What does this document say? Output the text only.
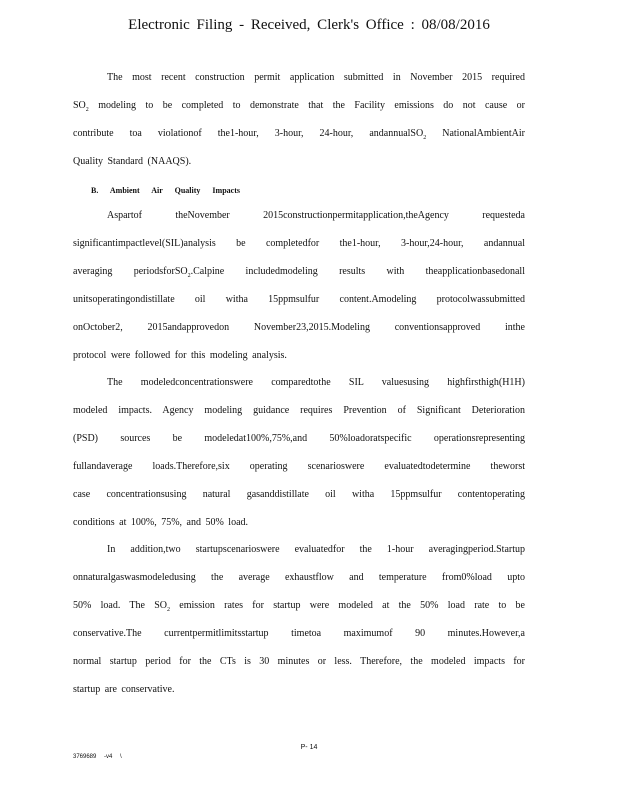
Electronic Filing - Received, Clerk's Office : 08/08/2016
The most recent construction permit application submitted in November 2015 required
$SO_2$ modeling to be completed to demonstrate that the Facility emissions do not cause or
contribute toa violationof the1-hour, 3-hour, 24-hour, andannualSO$_2$ NationalAmbientAir
Quality Standard (NAAQS).
B. Ambient Air Quality Impacts
Aspartof theNovember 2015constructionpermitapplication,theAgency requesteda
significantimpactlevel(SIL)analysis be completedfor the1-hour, 3-hour,24-hour, andannual
averaging periodsforSO$_2$.Calpine includedmodeling results with theapplicationbasedonall
unitsoperatingondistillate oil witha 15ppmsulfur content.Amodeling protocolwassubmitted
onOctober2, 2015andapprovedon November23,2015.Modeling conventionsapproved inthe
protocol were followed for this modeling analysis.
The modeledconcentrationswere comparedtothe SIL valuesusing highfirsthigh(H1H)
modeled impacts. Agency modeling guidance requires Prevention of Significant Deterioration
(PSD) sources be modeledat100%,75%,and 50%loadoratspecific operationsrepresenting
fullandaverage loads.Therefore,six operating scenarioswere evaluatedtodetermine theworst
case concentrationsusing natural gasanddistillate oil witha 15ppmsulfur contentoperating
conditions at 100%, 75%, and 50% load.
In addition,two startupscenarioswere evaluatedfor the 1-hour averagingperiod.Startup
onnaturalgaswasmodeledusing the average exhaustflow and temperature from0%load upto
50% load. The $SO_2$ emission rates for startup were modeled at the 50% load rate to be
conservative.The currentpermitlimitsstartup timetoa maximumof 90 minutes.However,a
normal startup period for the CTs is 30 minutes or less. Therefore, the modeled impacts for
startup are conservative.
P- 14
3769689 -v4 \
